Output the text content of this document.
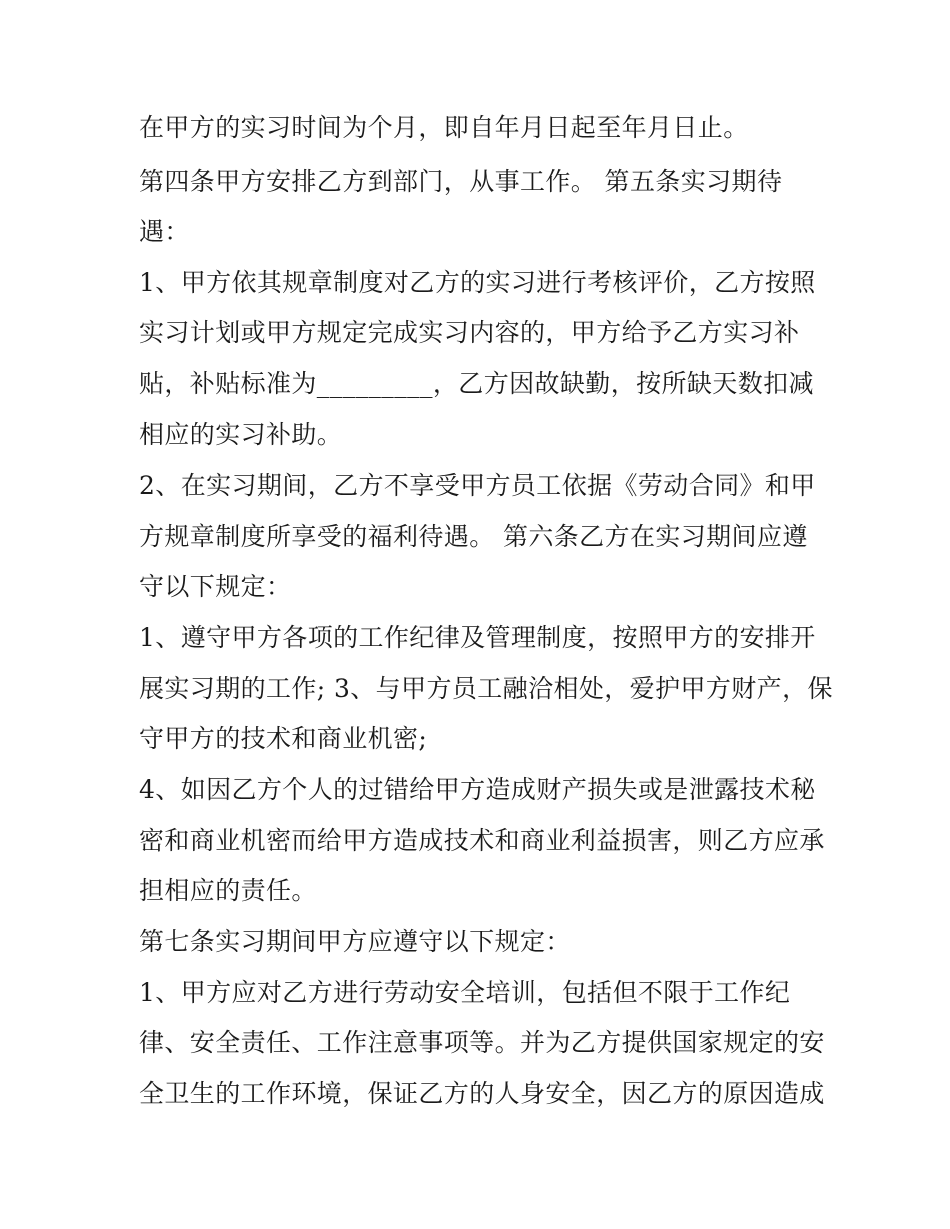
在甲方的实习时间为个月，即自年月日起至年月日止。
第四条甲方安排乙方到部门，从事工作。 第五条实习期待
遇：
1、甲方依其规章制度对乙方的实习进行考核评价，乙方按照
实习计划或甲方规定完成实习内容的，甲方给予乙方实习补
贴，补贴标准为_________，乙方因故缺勤，按所缺天数扣减
相应的实习补助。
2、在实习期间，乙方不享受甲方员工依据《劳动合同》和甲
方规章制度所享受的福利待遇。 第六条乙方在实习期间应遵
守以下规定：
1、遵守甲方各项的工作纪律及管理制度，按照甲方的安排开
展实习期的工作; 3、与甲方员工融洽相处，爱护甲方财产，保
守甲方的技术和商业机密;
4、如因乙方个人的过错给甲方造成财产损失或是泄露技术秘
密和商业机密而给甲方造成技术和商业利益损害，则乙方应承
担相应的责任。
第七条实习期间甲方应遵守以下规定：
1、甲方应对乙方进行劳动安全培训，包括但不限于工作纪
律、安全责任、工作注意事项等。并为乙方提供国家规定的安
全卫生的工作环境，保证乙方的人身安全，因乙方的原因造成
